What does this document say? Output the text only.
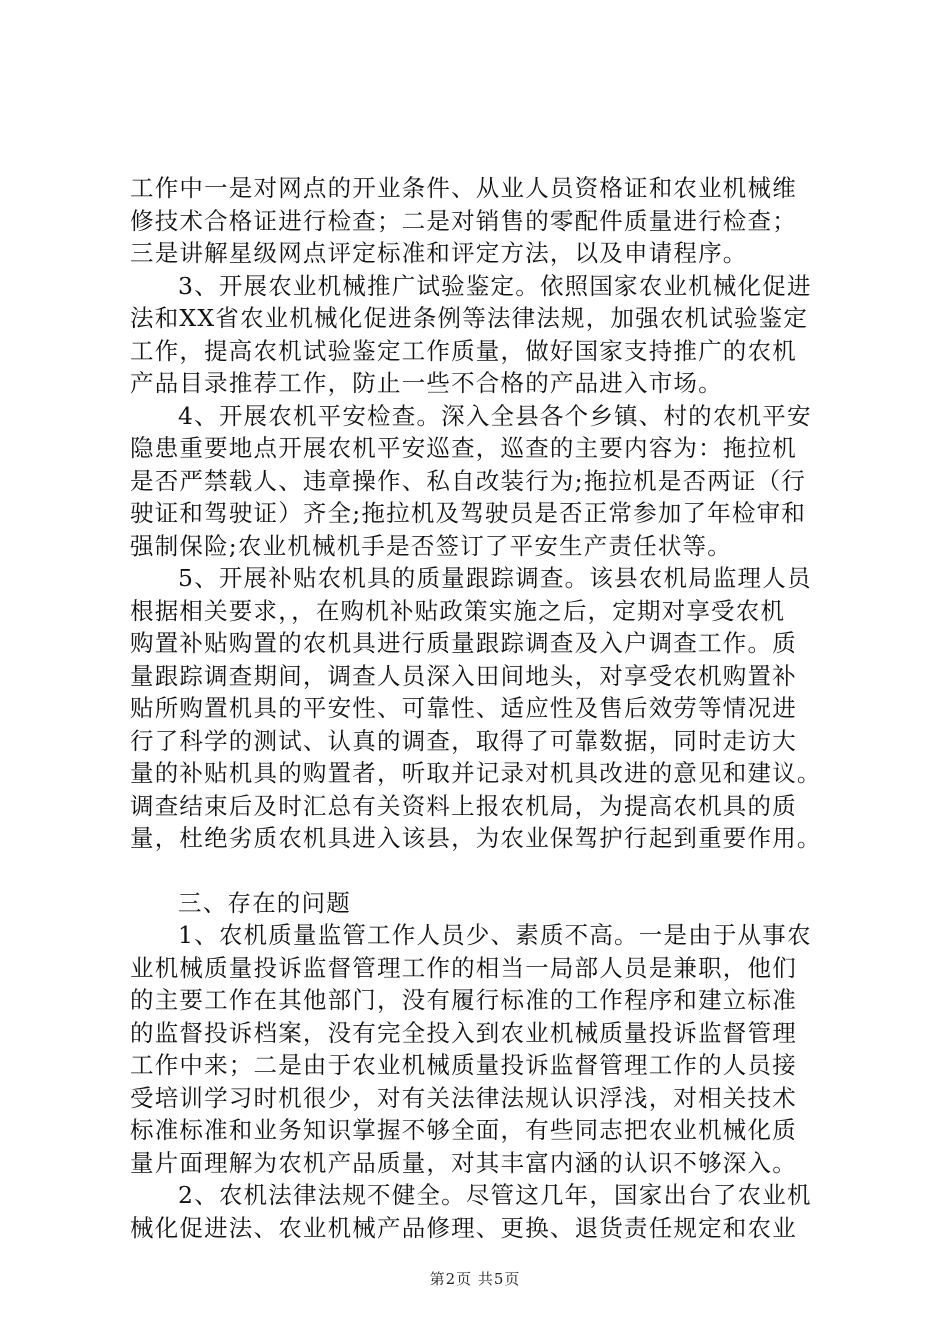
工作中一是对网点的开业条件、从业人员资格证和农业机械维
修技术合格证进行检查；二是对销售的零配件质量进行检查；
三是讲解星级网点评定标准和评定方法，以及申请程序。

3、开展农业机械推广试验鉴定。依照国家农业机械化促进
法和XX省农业机械化促进条例等法律法规，加强农机试验鉴定
工作，提高农机试验鉴定工作质量，做好国家支持推广的农机
产品目录推荐工作，防止一些不合格的产品进入市场。

4、开展农机平安检查。深入全县各个乡镇、村的农机平安
隐患重要地点开展农机平安巡查，巡查的主要内容为：拖拉机
是否严禁载人、违章操作、私自改装行为;拖拉机是否两证（行
驶证和驾驶证）齐全;拖拉机及驾驶员是否正常参加了年检审和
强制保险;农业机械机手是否签订了平安生产责任状等。

5、开展补贴农机具的质量跟踪调查。该县农机局监理人员
根据相关要求，，在购机补贴政策实施之后，定期对享受农机
购置补贴购置的农机具进行质量跟踪调查及入户调查工作。质
量跟踪调查期间，调查人员深入田间地头，对享受农机购置补
贴所购置机具的平安性、可靠性、适应性及售后效劳等情况进
行了科学的测试、认真的调查，取得了可靠数据，同时走访大
量的补贴机具的购置者，听取并记录对机具改进的意见和建议。
调查结束后及时汇总有关资料上报农机局，为提高农机具的质
量，杜绝劣质农机具进入该县，为农业保驾护行起到重要作用。

三、存在的问题

1、农机质量监管工作人员少、素质不高。一是由于从事农
业机械质量投诉监督管理工作的相当一局部人员是兼职，他们
的主要工作在其他部门，没有履行标准的工作程序和建立标准
的监督投诉档案，没有完全投入到农业机械质量投诉监督管理
工作中来；二是由于农业机械质量投诉监督管理工作的人员接
受培训学习时机很少，对有关法律法规认识浮浅，对相关技术
标准标准和业务知识掌握不够全面，有些同志把农业机械化质
量片面理解为农机产品质量，对其丰富内涵的认识不够深入。

2、农机法律法规不健全。尽管这几年，国家出台了农业机
械化促进法、农业机械产品修理、更换、退货责任规定和农业

第2页 共5页
